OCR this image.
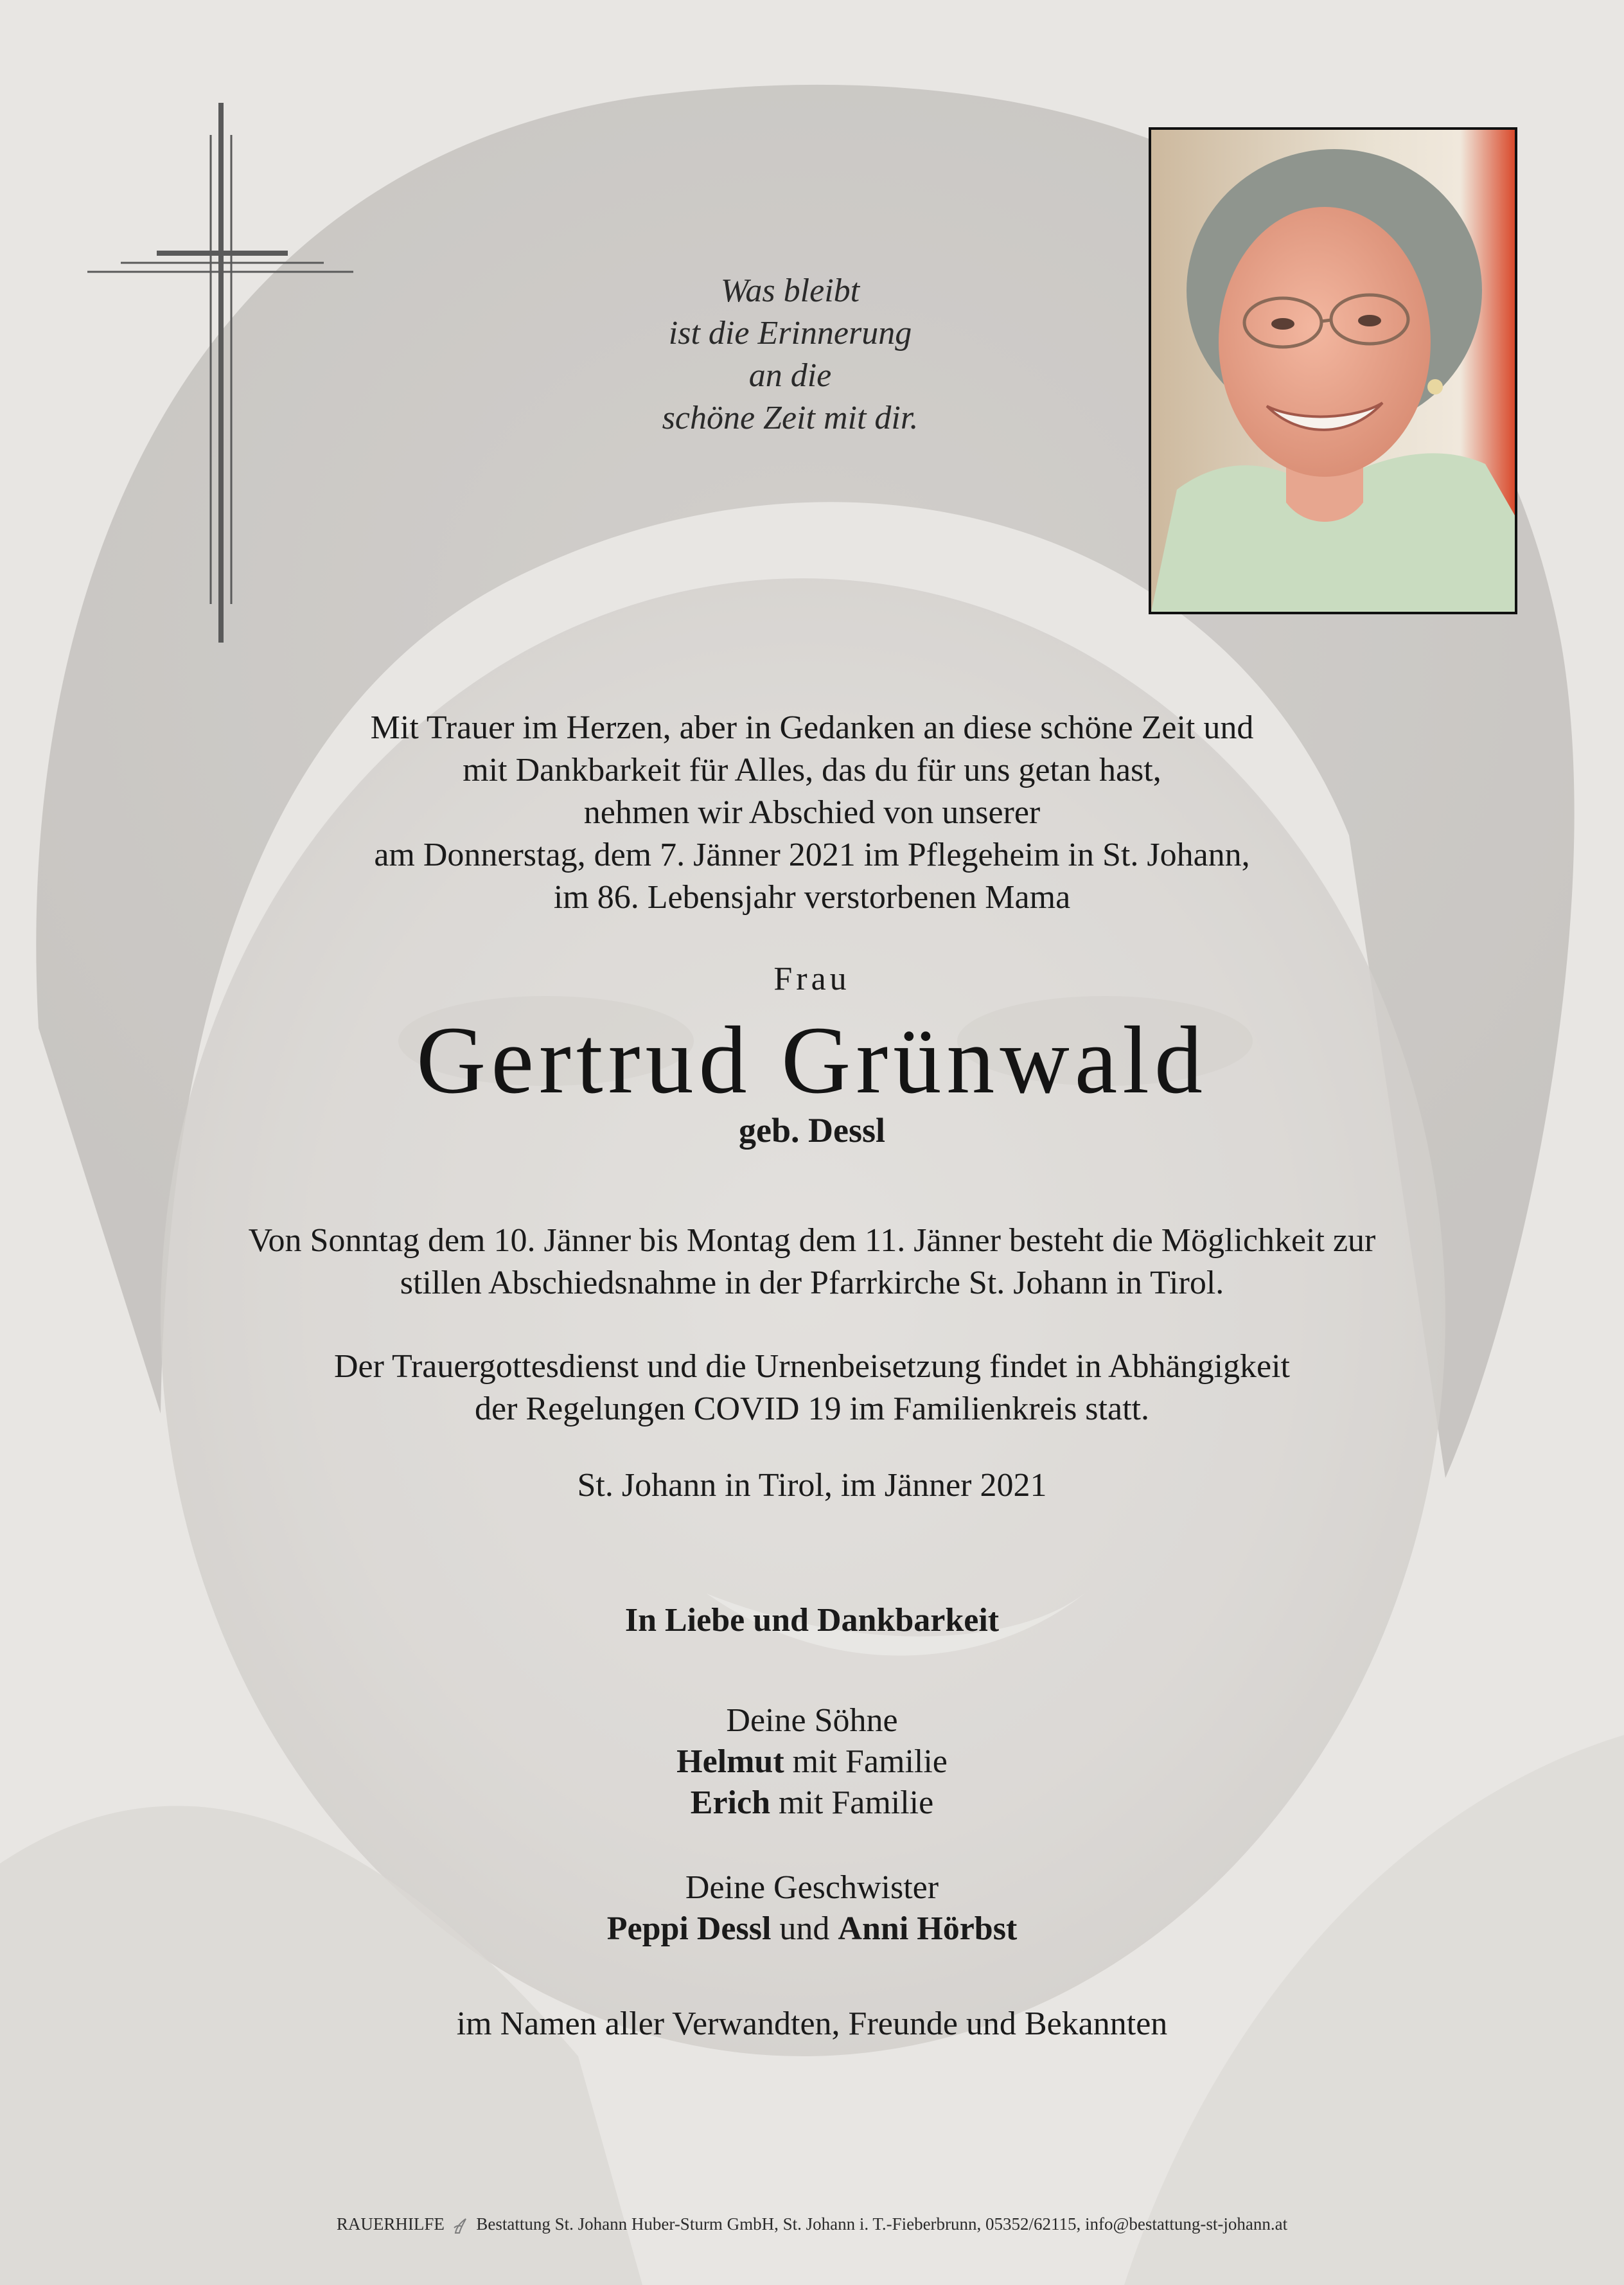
Was bleibt
ist die Erinnerung
an die
schöne Zeit mit dir.
Mit Trauer im Herzen, aber in Gedanken an diese schöne Zeit und
mit Dankbarkeit für Alles, das du für uns getan hast,
nehmen wir Abschied von unserer
am Donnerstag, dem 7. Jänner 2021 im Pflegeheim in St. Johann,
im 86. Lebensjahr verstorbenen Mama
Frau
Gertrud Grünwald
geb. Dessl
Von Sonntag dem 10. Jänner bis Montag dem 11. Jänner besteht die Möglichkeit zur
stillen Abschiedsnahme in der Pfarrkirche St. Johann in Tirol.
Der Trauergottesdienst und die Urnenbeisetzung findet in Abhängigkeit
der Regelungen COVID 19 im Familienkreis statt.
St. Johann in Tirol, im Jänner 2021
In Liebe und Dankbarkeit
Deine Söhne
Helmut mit Familie
Erich mit Familie
Deine Geschwister
Peppi Dessl und Anni Hörbst
im Namen aller Verwandten, Freunde und Bekannten
RAUERHILFE Bestattung St. Johann Huber-Sturm GmbH, St. Johann i. T.-Fieberbrunn, 05352/62115, info@bestattung-st-johann.at
